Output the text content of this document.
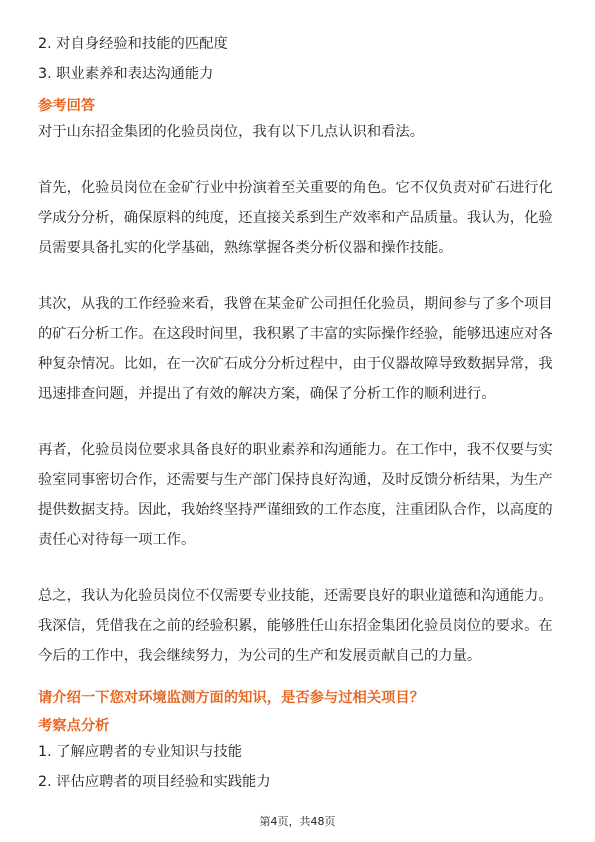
2. 对自身经验和技能的匹配度
3. 职业素养和表达沟通能力
参考回答
对于山东招金集团的化验员岗位，我有以下几点认识和看法。
首先，化验员岗位在金矿行业中扮演着至关重要的角色。它不仅负责对矿石进行化
学成分分析，确保原料的纯度，还直接关系到生产效率和产品质量。我认为，化验
员需要具备扎实的化学基础，熟练掌握各类分析仪器和操作技能。
其次，从我的工作经验来看，我曾在某金矿公司担任化验员，期间参与了多个项目
的矿石分析工作。在这段时间里，我积累了丰富的实际操作经验，能够迅速应对各
种复杂情况。比如，在一次矿石成分分析过程中，由于仪器故障导致数据异常，我
迅速排查问题，并提出了有效的解决方案，确保了分析工作的顺利进行。
再者，化验员岗位要求具备良好的职业素养和沟通能力。在工作中，我不仅要与实
验室同事密切合作，还需要与生产部门保持良好沟通，及时反馈分析结果，为生产
提供数据支持。因此，我始终坚持严谨细致的工作态度，注重团队合作，以高度的
责任心对待每一项工作。
总之，我认为化验员岗位不仅需要专业技能，还需要良好的职业道德和沟通能力。
我深信，凭借我在之前的经验积累，能够胜任山东招金集团化验员岗位的要求。在
今后的工作中，我会继续努力，为公司的生产和发展贡献自己的力量。
请介绍一下您对环境监测方面的知识，是否参与过相关项目？
考察点分析
1. 了解应聘者的专业知识与技能
2. 评估应聘者的项目经验和实践能力
第4页，共48页
